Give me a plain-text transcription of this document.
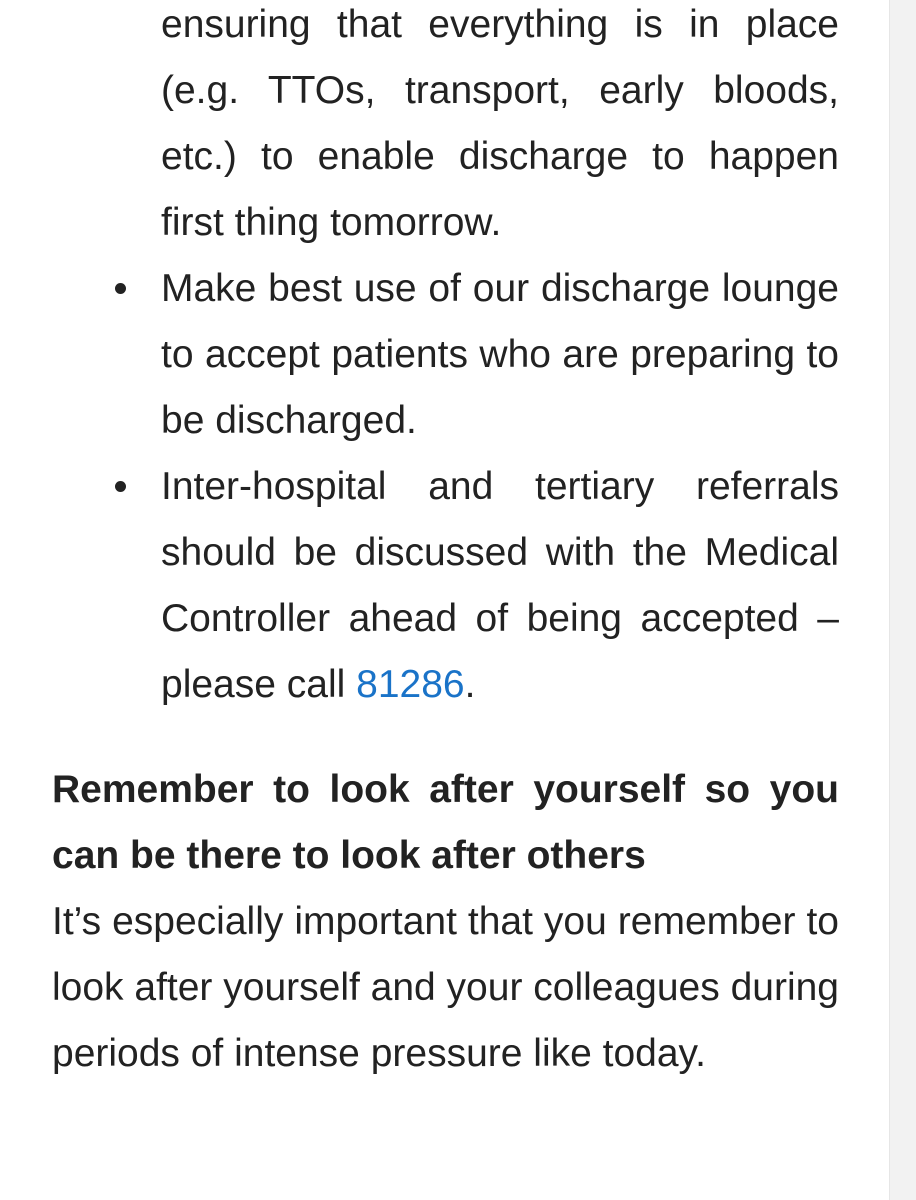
ensuring that everything is in place (e.g. TTOs, transport, early bloods, etc.) to enable discharge to happen first thing tomorrow.
Make best use of our discharge lounge to accept patients who are preparing to be discharged.
Inter-hospital and tertiary referrals should be discussed with the Medical Controller ahead of being accepted – please call 81286.
Remember to look after yourself so you can be there to look after others

It’s especially important that you remember to look after yourself and your colleagues during periods of intense pressure like today.
